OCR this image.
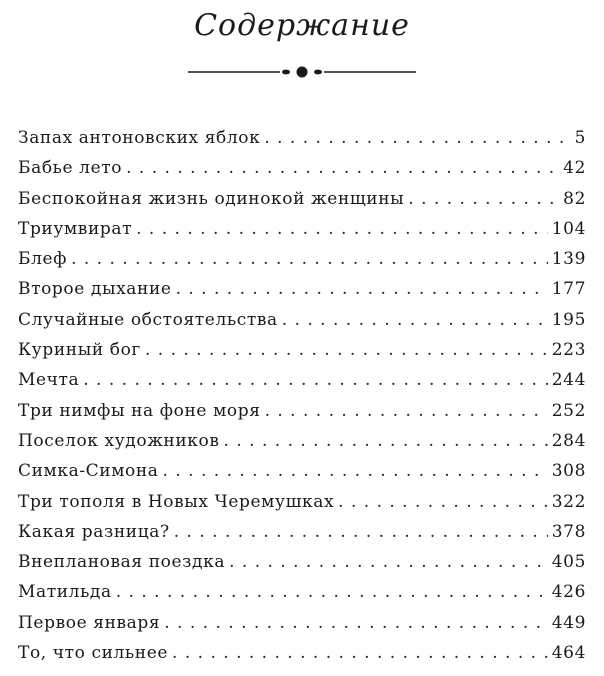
Содержание
Запах антоновских яблок . . .	5
Бабье лето . . .	42
Беспокойная жизнь одинокой женщины . . .	82
Триумвират . . .	104
Блеф . . .	139
Второе дыхание . . .	177
Случайные обстоятельства . . .	195
Куриный бог . . .	223
Мечта . . .	244
Три нимфы на фоне моря . . .	252
Поселок художников . . .	284
Симка-Симона . . .	308
Три тополя в Новых Черемушках . . .	322
Какая разница? . . .	378
Внеплановая поездка . . .	405
Матильда . . .	426
Первое января . . .	449
То, что сильнее . . .	464
